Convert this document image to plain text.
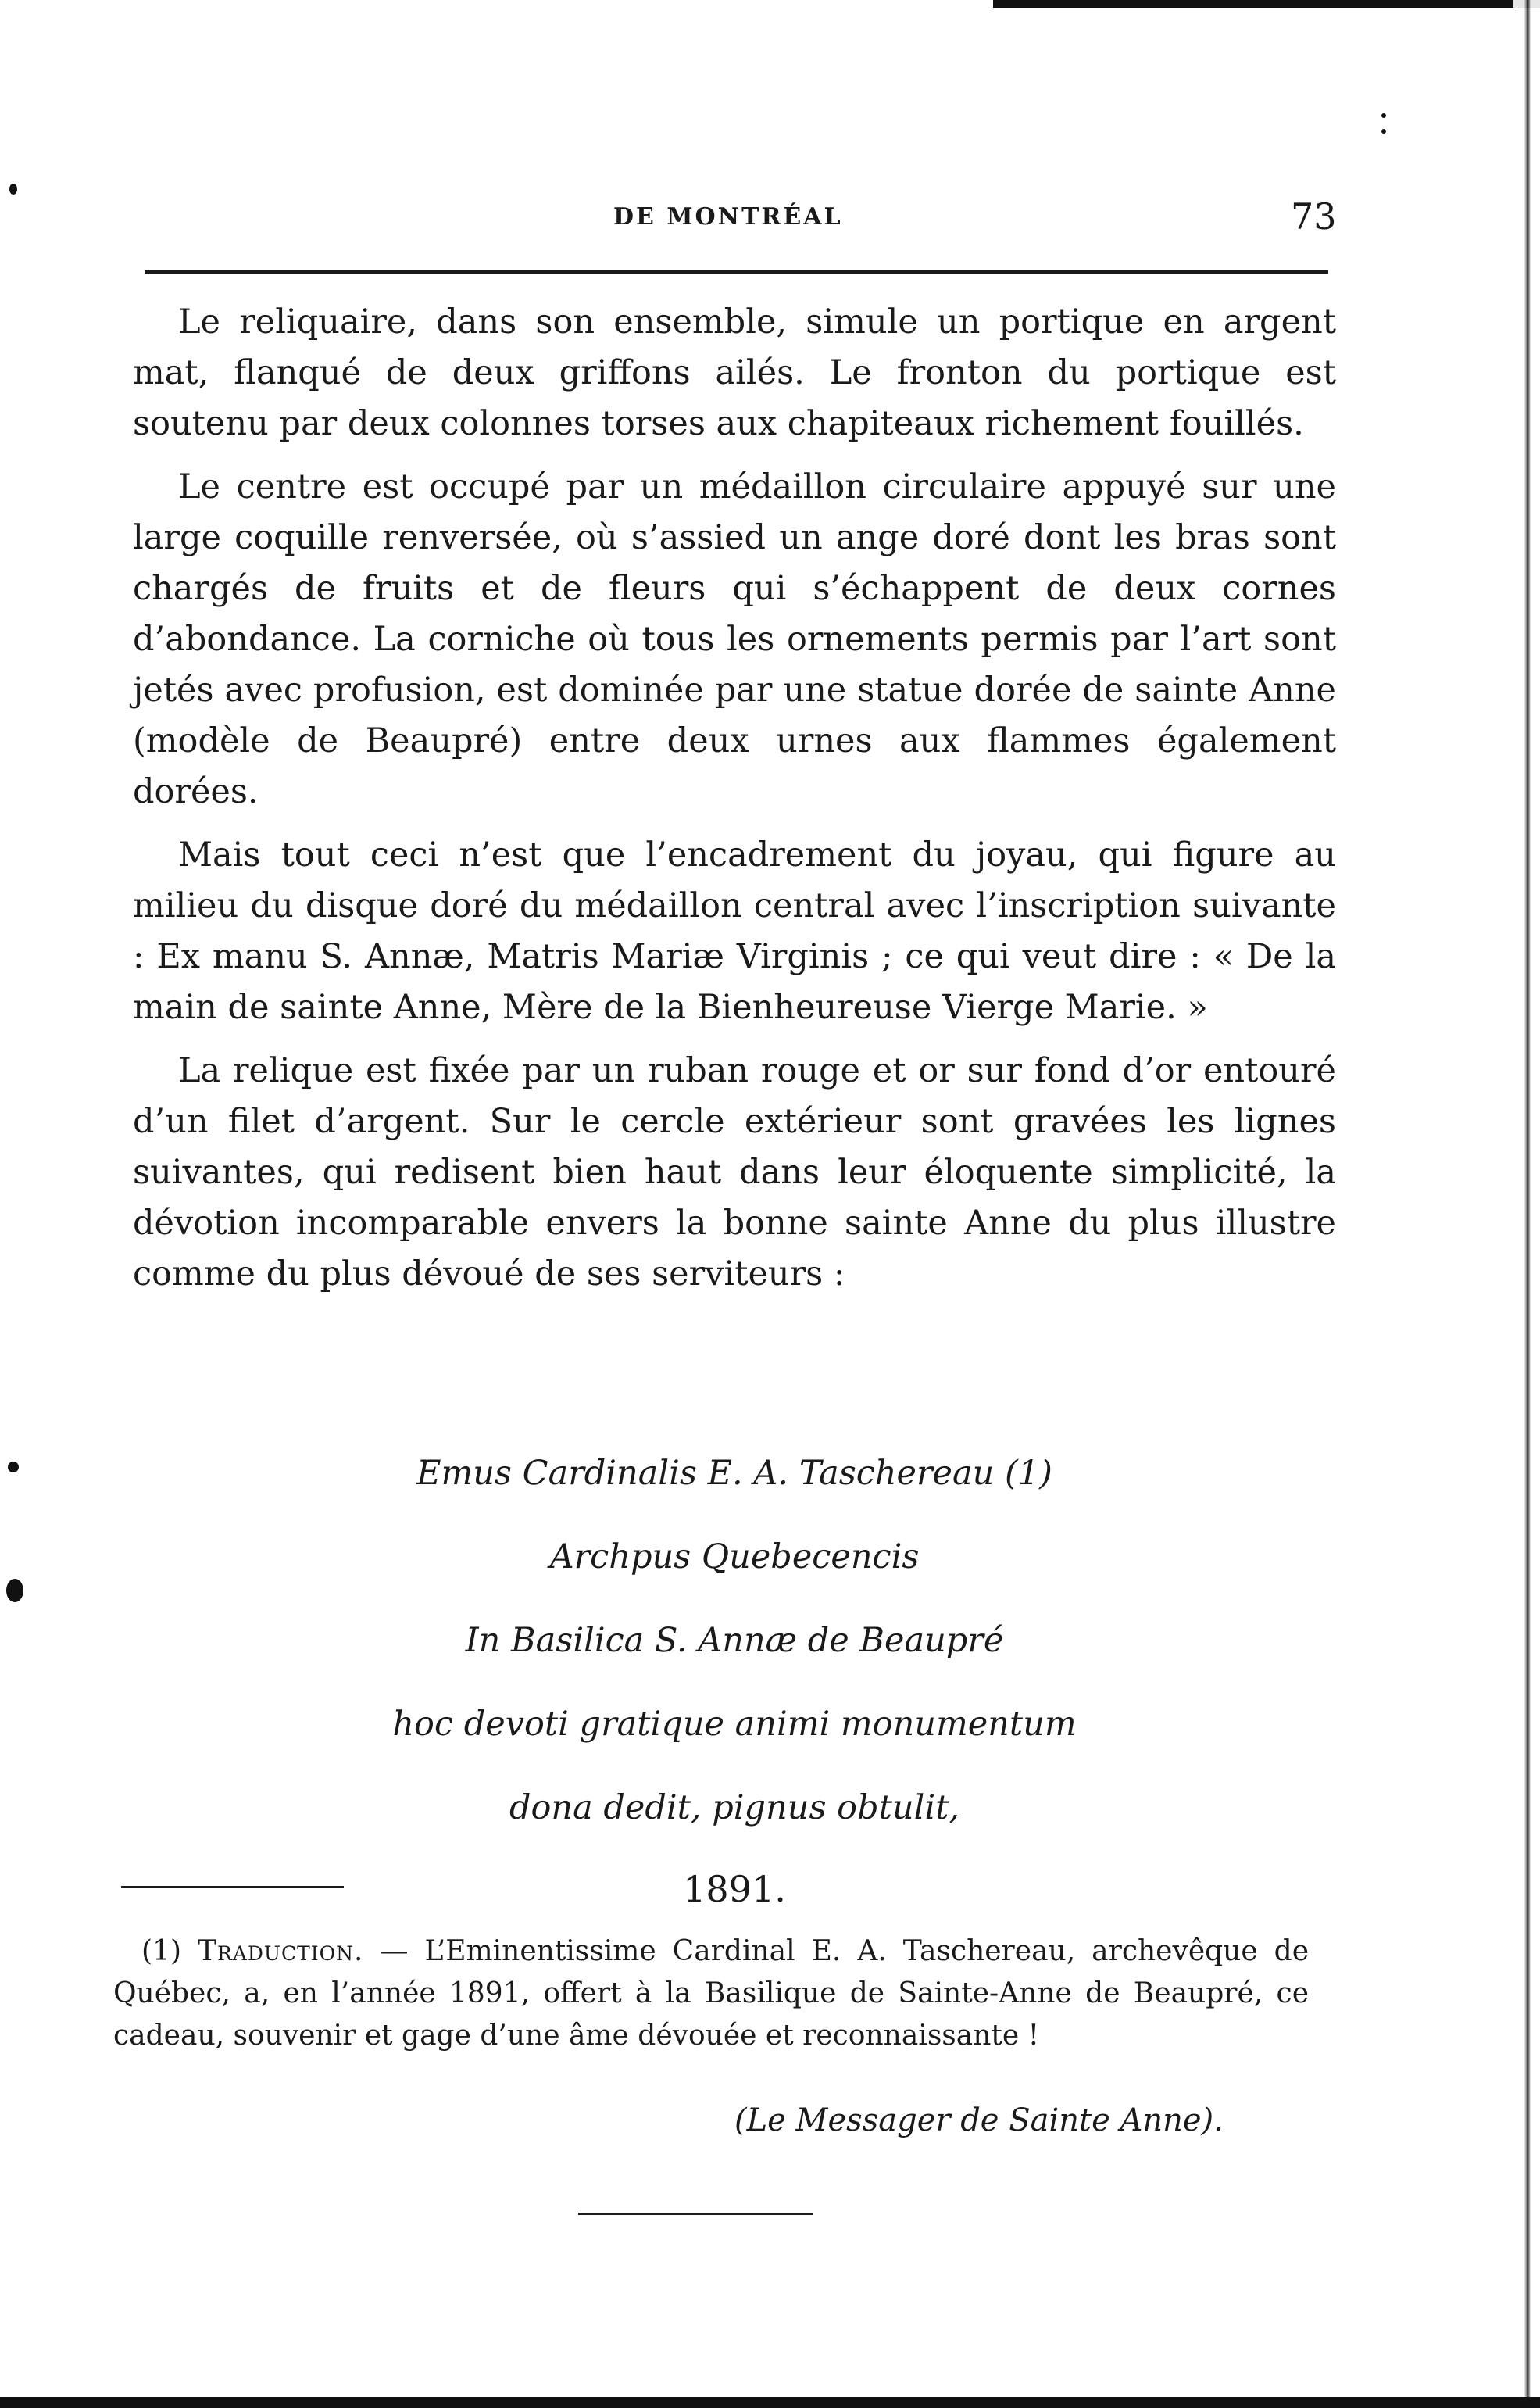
DE MONTRÉAL	73

Le reliquaire, dans son ensemble, simule un portique en argent mat, flanqué de deux griffons ailés. Le fronton du portique est soutenu par deux colonnes torses aux chapiteaux richement fouillés.

Le centre est occupé par un médaillon circulaire appuyé sur une large coquille renversée, où s’assied un ange doré dont les bras sont chargés de fruits et de fleurs qui s’échappent de deux cornes d’abondance. La corniche où tous les ornements permis par l’art sont jetés avec profusion, est dominée par une statue dorée de sainte Anne (modèle de Beaupré) entre deux urnes aux flammes également dorées.

Mais tout ceci n’est que l’encadrement du joyau, qui figure au milieu du disque doré du médaillon central avec l’inscription suivante : Ex manu S. Annæ, Matris Mariæ Virginis ; ce qui veut dire : « De la main de sainte Anne, Mère de la Bienheureuse Vierge Marie. »

La relique est fixée par un ruban rouge et or sur fond d’or entouré d’un filet d’argent. Sur le cercle extérieur sont gravées les lignes suivantes, qui redisent bien haut dans leur éloquente simplicité, la dévotion incomparable envers la bonne sainte Anne du plus illustre comme du plus dévoué de ses serviteurs :

Emus Cardinalis E. A. Taschereau (1)
Archpus Quebecencis
In Basilica S. Annæ de Beaupré
hoc devoti gratique animi monumentum
dona dedit, pignus obtulit,
1891.

(1) Traduction. — L’Eminentissime Cardinal E. A. Taschereau, archevêque de Québec, a, en l’année 1891, offert à la Basilique de Sainte-Anne de Beaupré, ce cadeau, souvenir et gage d’une âme dévouée et reconnaissante !

(Le Messager de Sainte Anne).
